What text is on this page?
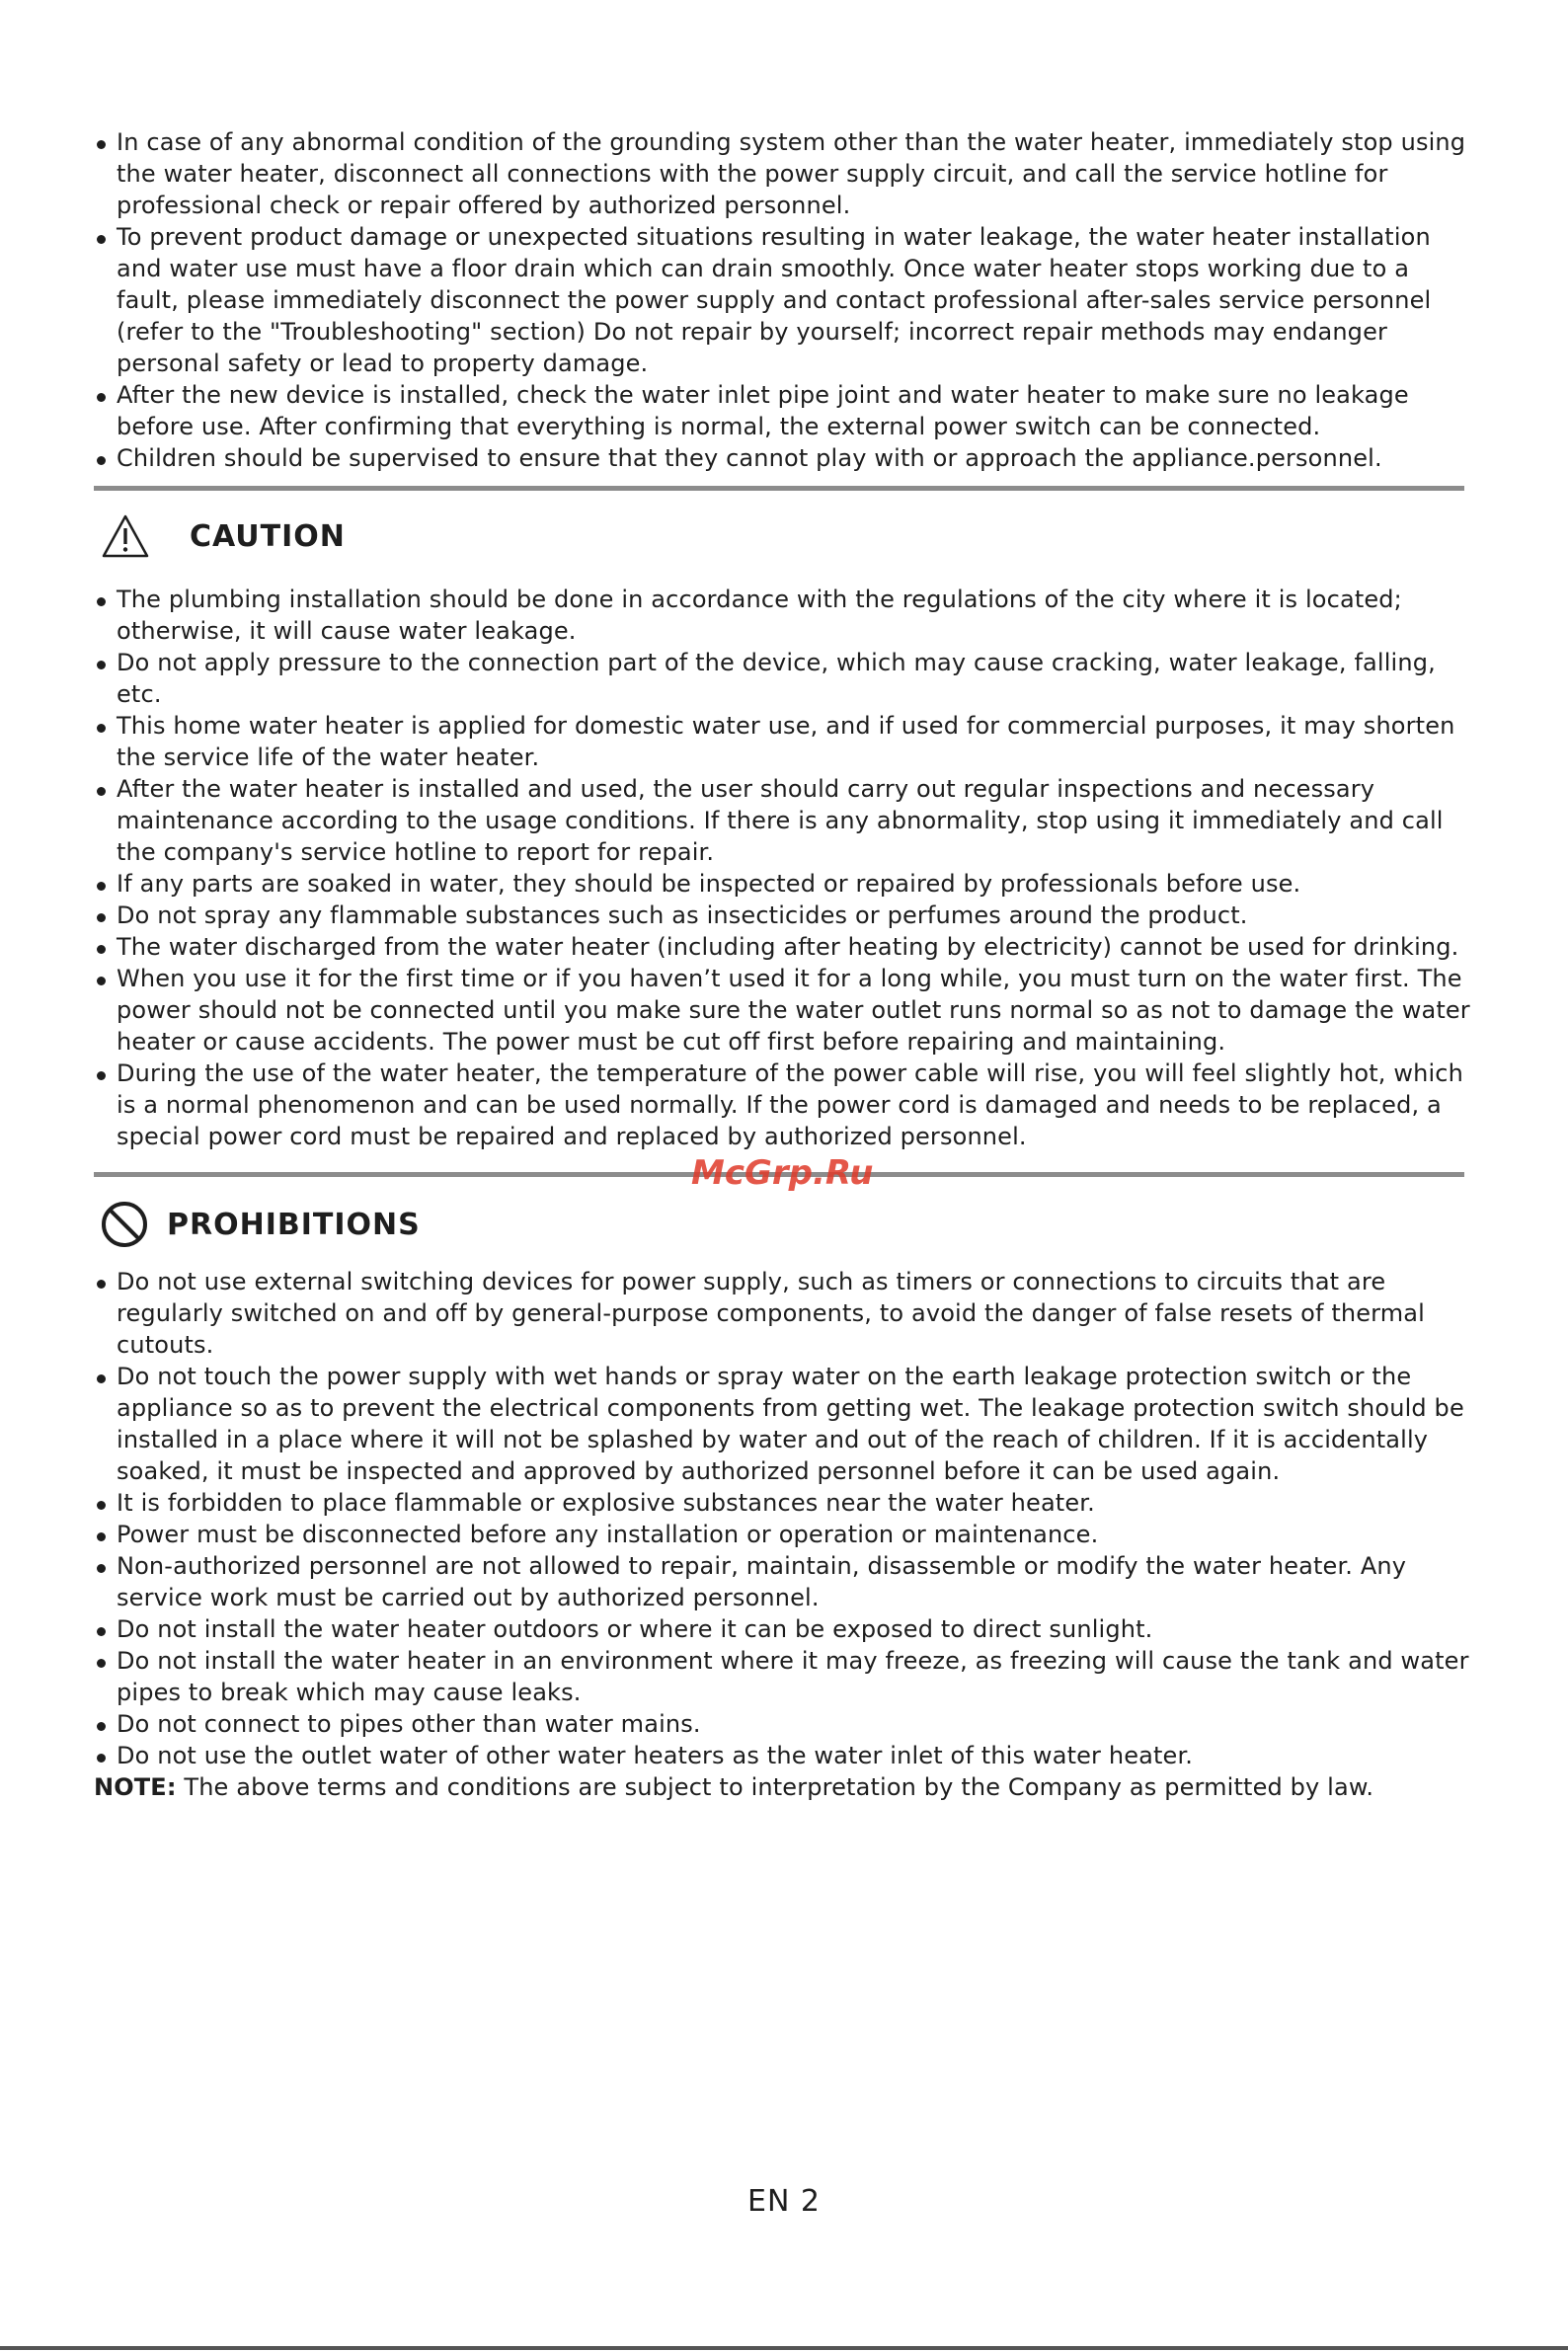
In case of any abnormal condition of the grounding system other than the water heater, immediately stop using the water heater, disconnect all connections with the power supply circuit, and call the service hotline for professional check or repair offered by authorized personnel.
To prevent product damage or unexpected situations resulting in water leakage, the water heater installation and water use must have a floor drain which can drain smoothly. Once water heater stops working due to a fault, please immediately disconnect the power supply and contact professional after-sales service personnel (refer to the "Troubleshooting" section) Do not repair by yourself; incorrect repair methods may endanger personal safety or lead to property damage.
After the new device is installed, check the water inlet pipe joint and water heater to make sure no leakage before use. After confirming that everything is normal, the external power switch can be connected.
Children should be supervised to ensure that they cannot play with or approach the appliance.personnel.
CAUTION
The plumbing installation should be done in accordance with the regulations of the city where it is located; otherwise, it will cause water leakage.
Do not apply pressure to the connection part of the device, which may cause cracking, water leakage, falling, etc.
This home water heater is applied for domestic water use, and if used for commercial purposes, it may shorten the service life of the water heater.
After the water heater is installed and used, the user should carry out regular inspections and necessary maintenance according to the usage conditions. If there is any abnormality, stop using it immediately and call the company's service hotline to report for repair.
If any parts are soaked in water, they should be inspected or repaired by professionals before use.
Do not spray any flammable substances such as insecticides or perfumes around the product.
The water discharged from the water heater (including after heating by electricity) cannot be used for drinking.
When you use it for the first time or if you haven’t used it for a long while, you must turn on the water first. The power should not be connected until you make sure the water outlet runs normal so as not to damage the water heater or cause accidents. The power must be cut off first before repairing and maintaining.
During the use of the water heater, the temperature of the power cable will rise, you will feel slightly hot, which is a normal phenomenon and can be used normally. If the power cord is damaged and needs to be replaced, a special power cord must be repaired and replaced by authorized personnel.
PROHIBITIONS
Do not use external switching devices for power supply, such as timers or connections to circuits that are regularly switched on and off by general-purpose components, to avoid the danger of false resets of thermal cutouts.
Do not touch the power supply with wet hands or spray water on the earth leakage protection switch or the appliance so as to prevent the electrical components from getting wet. The leakage protection switch should be installed in a place where it will not be splashed by water and out of the reach of children. If it is accidentally soaked, it must be inspected and approved by authorized personnel before it can be used again.
It is forbidden to place flammable or explosive substances near the water heater.
Power must be disconnected before any installation or operation or maintenance.
Non-authorized personnel are not allowed to repair, maintain, disassemble or modify the water heater. Any service work must be carried out by authorized personnel.
Do not install the water heater outdoors or where it can be exposed to direct sunlight.
Do not install the water heater in an environment where it may freeze, as freezing will cause the tank and water pipes to break which may cause leaks.
Do not connect to pipes other than water mains.
Do not use the outlet water of other water heaters as the water inlet of this water heater.
NOTE: The above terms and conditions are subject to interpretation by the Company as permitted by law.
McGrp.Ru
EN 2
